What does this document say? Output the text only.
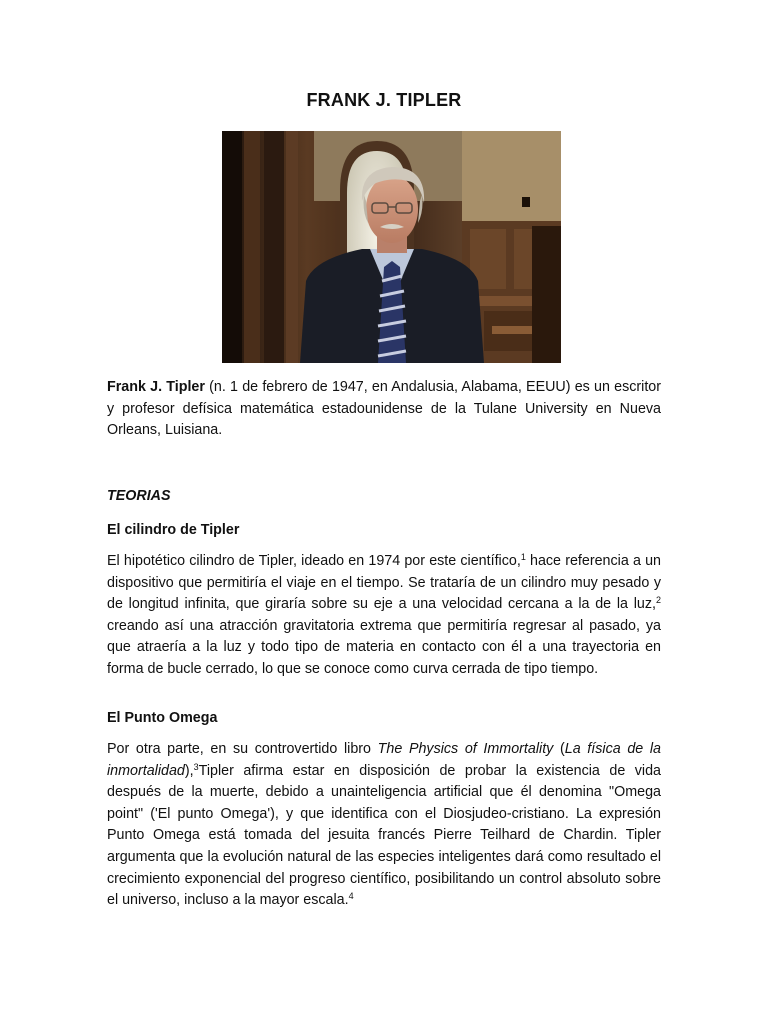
FRANK J. TIPLER
Frank J. Tipler (n. 1 de febrero de 1947, en Andalusia, Alabama, EEUU) es un escritor y profesor defísica matemática estadounidense de la Tulane University en Nueva Orleans, Luisiana.
TEORIAS
El cilindro de Tipler
El hipotético cilindro de Tipler, ideado en 1974 por este científico,$^1$ hace referencia a un dispositivo que permitiría el viaje en el tiempo. Se trataría de un cilindro muy pesado y de longitud infinita, que giraría sobre su eje a una velocidad cercana a la de la luz,$^2$ creando así una atracción gravitatoria extrema que permitiría regresar al pasado, ya que atraería a la luz y todo tipo de materia en contacto con él a una trayectoria en forma de bucle cerrado, lo que se conoce como curva cerrada de tipo tiempo.
El Punto Omega
Por otra parte, en su controvertido libro The Physics of Immortality (La física de la inmortalidad),$^3$Tipler afirma estar en disposición de probar la existencia de vida después de la muerte, debido a unainteligencia artificial que él denomina "Omega point" ('El punto Omega'), y que identifica con el Diosjudeo-cristiano. La expresión Punto Omega está tomada del jesuita francés Pierre Teilhard de Chardin. Tipler argumenta que la evolución natural de las especies inteligentes dará como resultado el crecimiento exponencial del progreso científico, posibilitando un control absoluto sobre el universo, incluso a la mayor escala.$^4$
